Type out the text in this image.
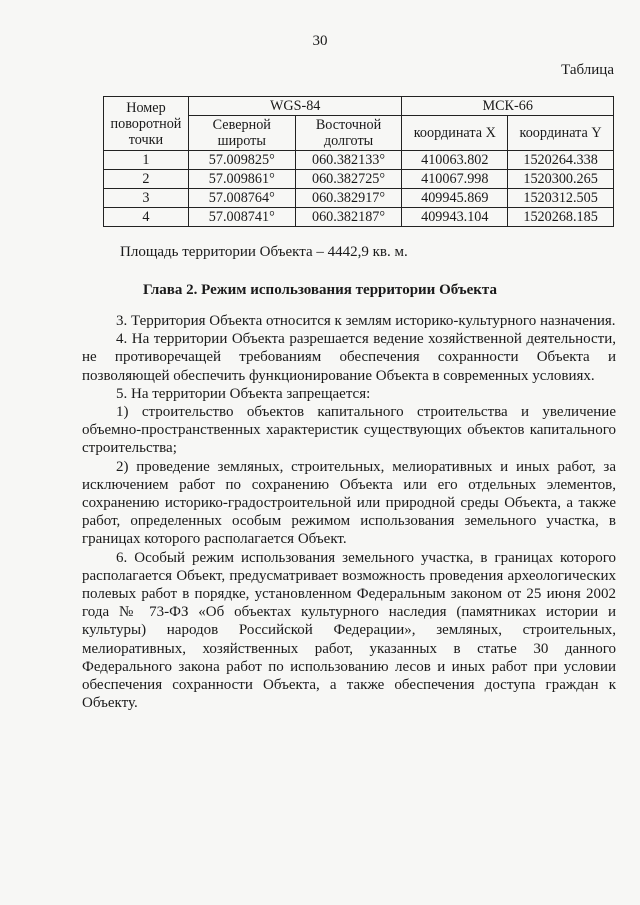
30
Таблица
Номер поворотной точки	WGS-84		МСК-66	
	Северной широты	Восточной долготы	координата X	координата Y
1	57.009825°	060.382133°	410063.802	1520264.338
2	57.009861°	060.382725°	410067.998	1520300.265
3	57.008764°	060.382917°	409945.869	1520312.505
4	57.008741°	060.382187°	409943.104	1520268.185
Площадь территории Объекта – 4442,9 кв. м.
Глава 2. Режим использования территории Объекта

3. Территория Объекта относится к землям историко-культурного назначения.

4. На территории Объекта разрешается ведение хозяйственной деятельности, не противоречащей требованиям обеспечения сохранности Объекта и позволяющей обеспечить функционирование Объекта в современных условиях.

5. На территории Объекта запрещается:

1) строительство объектов капитального строительства и увеличение объемно-пространственных характеристик существующих объектов капитального строительства;

2) проведение земляных, строительных, мелиоративных и иных работ, за исключением работ по сохранению Объекта или его отдельных элементов, сохранению историко-градостроительной или природной среды Объекта, а также работ, определенных особым режимом использования земельного участка, в границах которого располагается Объект.

6. Особый режим использования земельного участка, в границах которого располагается Объект, предусматривает возможность проведения археологических полевых работ в порядке, установленном Федеральным законом от 25 июня 2002 года № 73-ФЗ «Об объектах культурного наследия (памятниках истории и культуры) народов Российской Федерации», земляных, строительных, мелиоративных, хозяйственных работ, указанных в статье 30 данного Федерального закона работ по использованию лесов и иных работ при условии обеспечения сохранности Объекта, а также обеспечения доступа граждан к Объекту.
